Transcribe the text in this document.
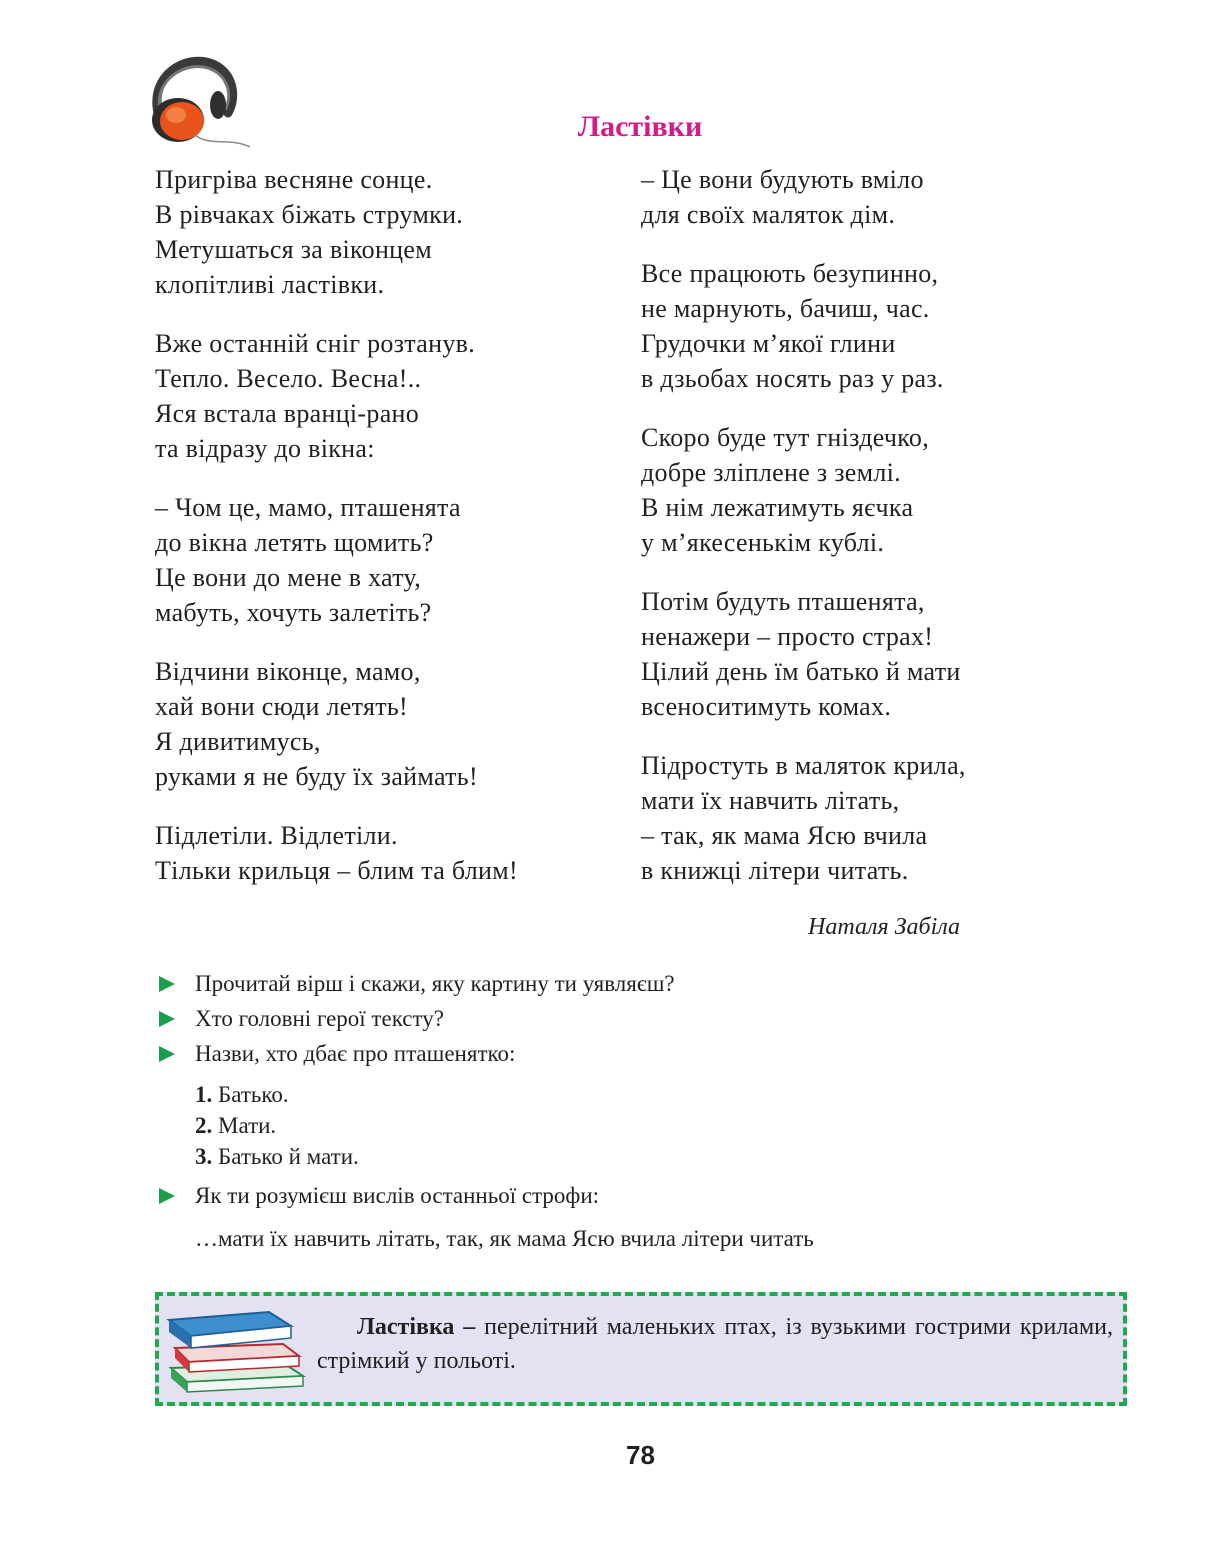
Ластівки
Пригріва весняне сонце.
В рівчаках біжать струмки.
Метушаться за віконцем
клопітливі ластівки.
Вже останній сніг розтанув.
Тепло. Весело. Весна!..
Яся встала вранці-рано
та відразу до вікна:
– Чом це, мамо, пташенята
до вікна летять щомить?
Це вони до мене в хату,
мабуть, хочуть залетіть?
Відчини віконце, мамо,
хай вони сюди летять!
Я дивитимусь,
руками я не буду їх займать!
Підлетіли. Відлетіли.
Тільки крильця – блим та блим!
– Це вони будують вміло
для своїх маляток дім.
Все працюють безупинно,
не марнують, бачиш, час.
Грудочки м’якої глини
в дзьобах носять раз у раз.
Скоро буде тут гніздечко,
добре зліплене з землі.
В нім лежатимуть яєчка
у м’якесенькім кублі.
Потім будуть пташенята,
ненажери – просто страх!
Цілий день їм батько й мати
всеноситимуть комах.
Підростуть в маляток крила,
мати їх навчить літать,
– так, як мама Ясю вчила
в книжці літери читать.
Наталя Забіла
Прочитай вірш і скажи, яку картину ти уявляєш?
Хто головні герої тексту?
Назви, хто дбає про пташенятко:
1. Батько.
2. Мати.
3. Батько й мати.
Як ти розумієш вислів останньої строфи:
…мати їх навчить літать, так, як мама Ясю вчила літери читать
Ластівка – перелітний маленьких птах, із вузькими гострими крилами, стрімкий у польоті.
78
